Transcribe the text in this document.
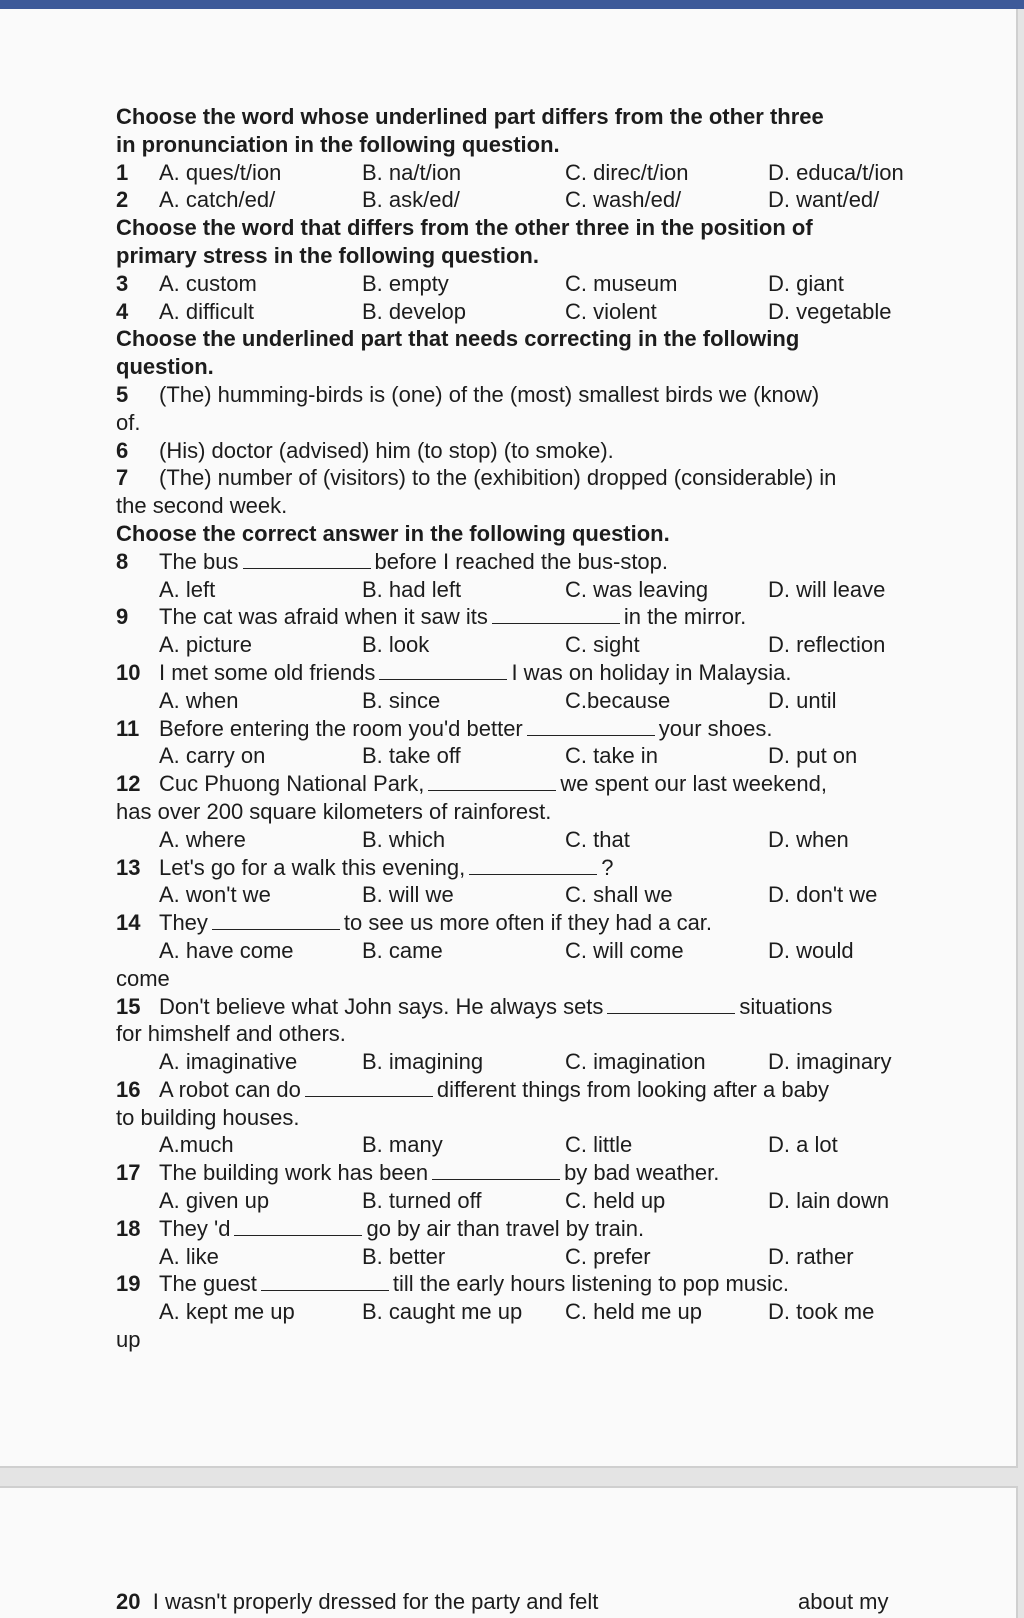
Choose the word whose underlined part differs from the other three
in pronunciation in the following question.
1 A. ques/t/ion	B. na/t/ion	C. direc/t/ion	D. educa/t/ion
2 A. catch/ed/	B. ask/ed/	C. wash/ed/	D. want/ed/
Choose the word that differs from the other three in the position of
primary stress in the following question.
3 A. custom	B. empty	C. museum	D. giant
4 A. difficult	B. develop	C. violent	D. vegetable
Choose the underlined part that needs correcting in the following
question.
5 (The) humming-birds is (one) of the (most) smallest birds we (know)
of.
6 (His) doctor (advised) him (to stop) (to smoke).
7 (The) number of (visitors) to the (exhibition) dropped (considerable) in
the second week.
Choose the correct answer in the following question.
8 The bus	before I reached the bus-stop.
A. left	B. had left	C. was leaving	D. will leave
9 The cat was afraid when it saw its	in the mirror.
A. picture	B. look	C. sight	D. reflection
10 I met some old friends	I was on holiday in Malaysia.
A. when	B. since	C.because	D. until
11 Before entering the room you'd better	your shoes.
A. carry on	B. take off	C. take in	D. put on
12 Cuc Phuong National Park,	we spent our last weekend,
has over 200 square kilometers of rainforest.
A. where	B. which	C. that	D. when
13 Let's go for a walk this evening,	?
A. won't we	B. will we	C. shall we	D. don't we
14 They	to see us more often if they had a car.
A. have come	B. came	C. will come	D. would
come
15 Don't believe what John says. He always sets	situations
for himshelf and others.
A. imaginative	B. imagining	C. imagination	D. imaginary
16 A robot can do	different things from looking after a baby
to building houses.
A.much	B. many	C. little	D. a lot
17 The building work has been	by bad weather.
A. given up	B. turned off	C. held up	D. lain down
18 They 'd	go by air than travel by train.
A. like	B. better	C. prefer	D. rather
19 The guest	till the early hours listening to pop music.
A. kept me up	B. caught me up C. held me up	D. took me
up
20 I wasn't properly dressed for the party and felt	about my
